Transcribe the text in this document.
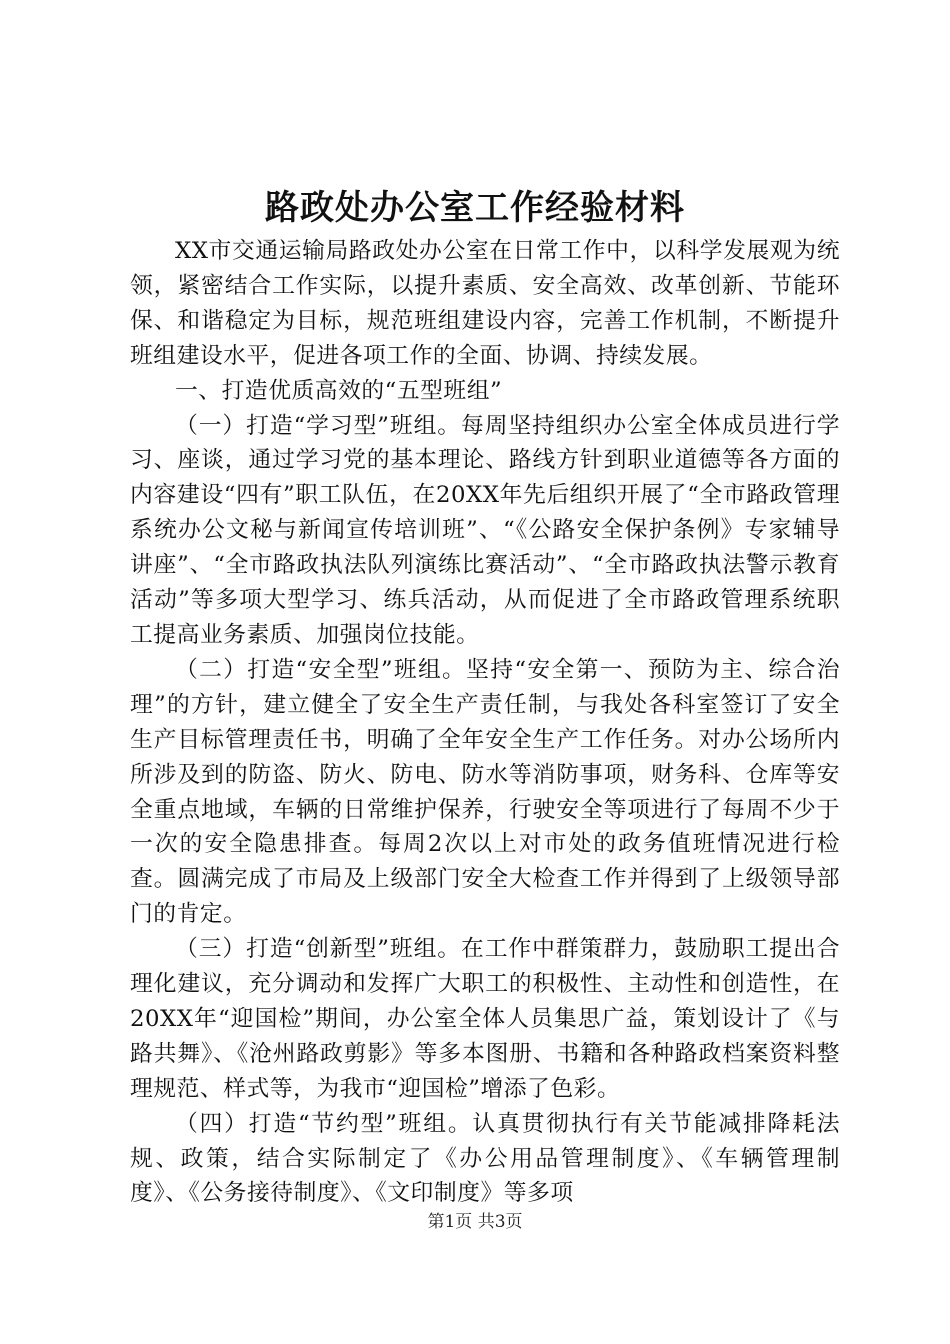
路政处办公室工作经验材料

XX市交通运输局路政处办公室在日常工作中，以科学发展观为统领，紧密结合工作实际，以提升素质、安全高效、改革创新、节能环保、和谐稳定为目标，规范班组建设内容，完善工作机制，不断提升班组建设水平，促进各项工作的全面、协调、持续发展。

一、打造优质高效的“五型班组”

（一）打造“学习型”班组。每周坚持组织办公室全体成员进行学习、座谈，通过学习党的基本理论、路线方针到职业道德等各方面的内容建设“四有”职工队伍，在20XX年先后组织开展了“全市路政管理系统办公文秘与新闻宣传培训班”、“《公路安全保护条例》专家辅导讲座”、“全市路政执法队列演练比赛活动”、“全市路政执法警示教育活动”等多项大型学习、练兵活动，从而促进了全市路政管理系统职工提高业务素质、加强岗位技能。

（二）打造“安全型”班组。坚持“安全第一、预防为主、综合治理”的方针，建立健全了安全生产责任制，与我处各科室签订了安全生产目标管理责任书，明确了全年安全生产工作任务。对办公场所内所涉及到的防盗、防火、防电、防水等消防事项，财务科、仓库等安全重点地域，车辆的日常维护保养，行驶安全等项进行了每周不少于一次的安全隐患排查。每周2次以上对市处的政务值班情况进行检查。圆满完成了市局及上级部门安全大检查工作并得到了上级领导部门的肯定。

（三）打造“创新型”班组。在工作中群策群力，鼓励职工提出合理化建议，充分调动和发挥广大职工的积极性、主动性和创造性，在20XX年“迎国检”期间，办公室全体人员集思广益，策划设计了《与路共舞》、《沧州路政剪影》等多本图册、书籍和各种路政档案资料整理规范、样式等，为我市“迎国检”增添了色彩。

（四）打造“节约型”班组。认真贯彻执行有关节能减排降耗法规、政策，结合实际制定了《办公用品管理制度》、《车辆管理制度》、《公务接待制度》、《文印制度》等多项

第1页 共3页
